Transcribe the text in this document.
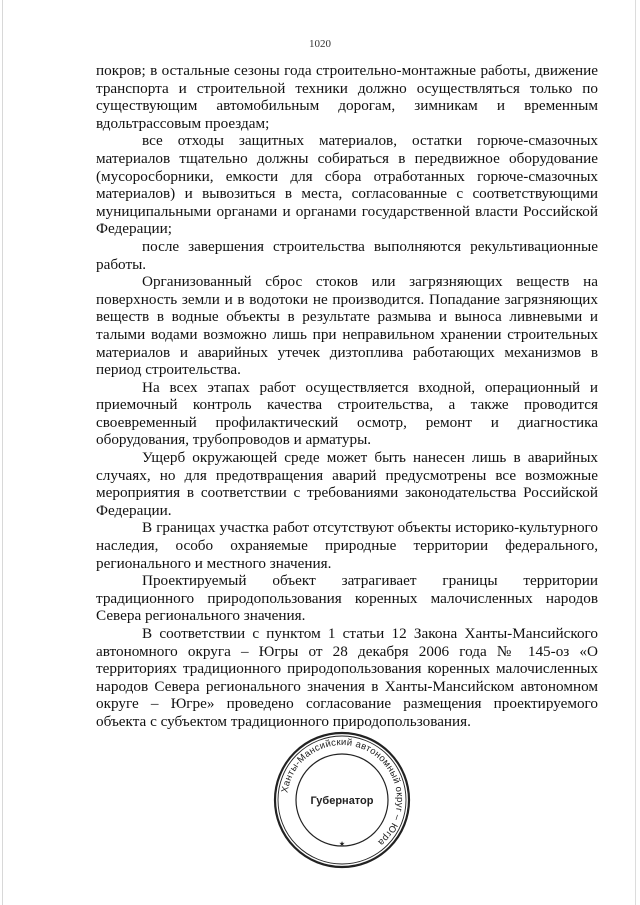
1020

покров; в остальные сезоны года строительно-монтажные работы, движение транспорта и строительной техники должно осуществляться только по существующим автомобильным дорогам, зимникам и временным вдольтрассовым проездам;

все отходы защитных материалов, остатки горюче-смазочных материалов тщательно должны собираться в передвижное оборудование (мусоросборники, емкости для сбора отработанных горюче-смазочных материалов) и вывозиться в места, согласованные с соответствующими муниципальными органами и органами государственной власти Российской Федерации;

после завершения строительства выполняются рекультивационные работы.

Организованный сброс стоков или загрязняющих веществ на поверхность земли и в водотоки не производится. Попадание загрязняющих веществ в водные объекты в результате размыва и выноса ливневыми и талыми водами возможно лишь при неправильном хранении строительных материалов и аварийных утечек дизтоплива работающих механизмов в период строительства.

На всех этапах работ осуществляется входной, операционный и приемочный контроль качества строительства, а также проводится своевременный профилактический осмотр, ремонт и диагностика оборудования, трубопроводов и арматуры.

Ущерб окружающей среде может быть нанесен лишь в аварийных случаях, но для предотвращения аварий предусмотрены все возможные мероприятия в соответствии с требованиями законодательства Российской Федерации.

В границах участка работ отсутствуют объекты историко-культурного наследия, особо охраняемые природные территории федерального, регионального и местного значения.

Проектируемый объект затрагивает границы территории традиционного природопользования коренных малочисленных народов Севера регионального значения.

В соответствии с пунктом 1 статьи 12 Закона Ханты-Мансийского автономного округа – Югры от 28 декабря 2006 года № 145-оз «О территориях традиционного природопользования коренных малочисленных народов Севера регионального значения в Ханты-Мансийском автономном округе – Югре» проведено согласование размещения проектируемого объекта с субъектом традиционного природопользования.

Ханты-Мансийский автономный округ – Югра
Губернатор
★
